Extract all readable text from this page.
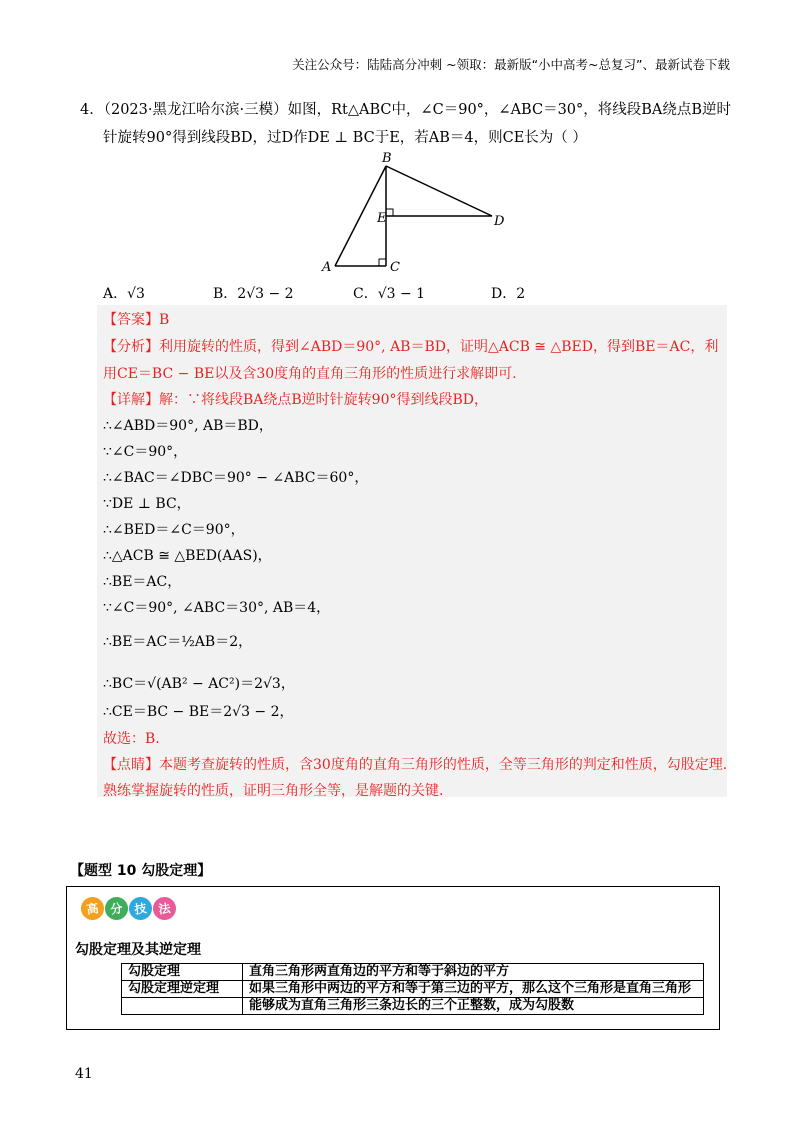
关注公众号：陆陆高分冲刺 ~领取：最新版“小中高考~总复习”、最新试卷下载
4．（2023·黑龙江哈尔滨·三模）如图，Rt△ABC中，∠C＝90°，∠ABC＝30°，将线段BA绕点B逆时
针旋转90°得到线段BD，过D作DE ⊥ BC于E，若AB＝4，则CE长为（ ）
B
E	D
A	C
A．√3	B．2√3 − 2	C．√3 − 1	D．2
【答案】B
【分析】利用旋转的性质，得到∠ABD＝90°, AB＝BD，证明△ACB ≅ △BED，得到BE＝AC，利
用CE＝BC − BE以及含30度角的直角三角形的性质进行求解即可.
【详解】解：∵将线段BA绕点B逆时针旋转90°得到线段BD，
∴∠ABD＝90°, AB＝BD，
∵∠C＝90°，
∴∠BAC＝∠DBC＝90° − ∠ABC＝60°，
∵DE ⊥ BC，
∴∠BED＝∠C＝90°，
∴△ACB ≅ △BED(AAS)，
∴BE＝AC，
∵∠C＝90°, ∠ABC＝30°, AB＝4，
∴BE＝AC＝½AB＝2，
∴BC＝√(AB² − AC²)＝2√3，
∴CE＝BC − BE＝2√3 − 2，
故选：B.
【点睛】本题考查旋转的性质，含30度角的直角三角形的性质，全等三角形的判定和性质，勾股定理.
熟练掌握旋转的性质，证明三角形全等，是解题的关键.
【题型 10 勾股定理】
高 分 技 法
勾股定理及其逆定理
勾股定理	直角三角形两直角边的平方和等于斜边的平方
勾股定理逆定理	如果三角形中两边的平方和等于第三边的平方，那么这个三角形是直角三角形
	能够成为直角三角形三条边长的三个正整数，成为勾股数
41
